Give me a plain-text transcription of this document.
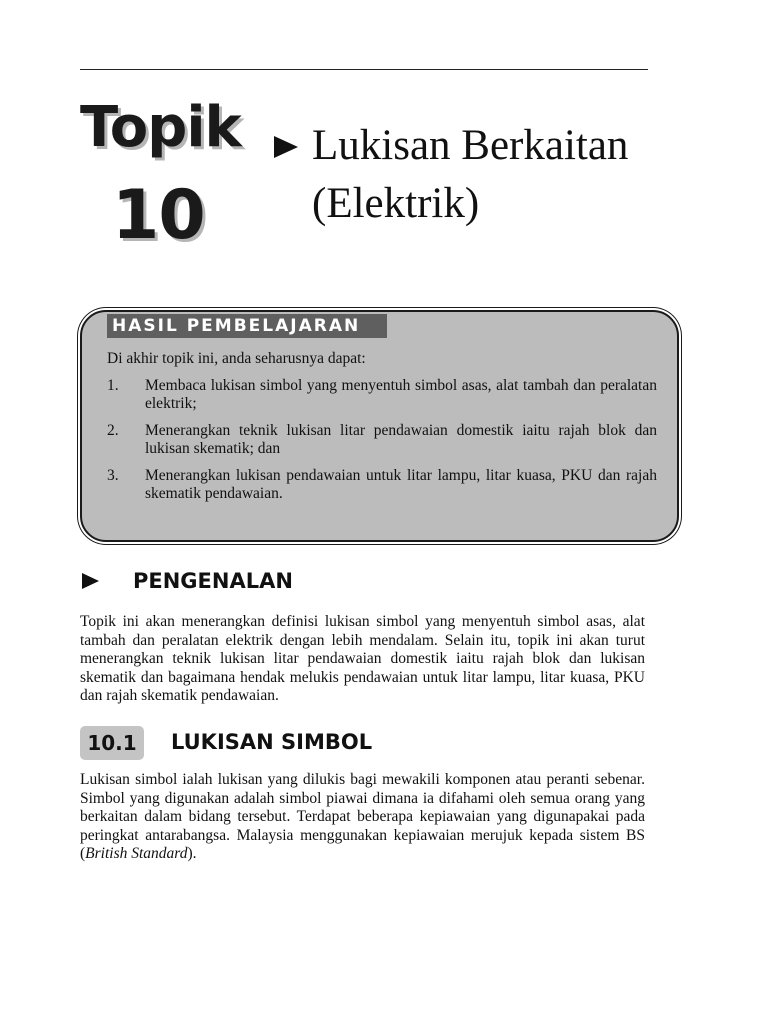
Topik
10
Lukisan Berkaitan
(Elektrik)
HASIL PEMBELAJARAN
Di akhir topik ini, anda seharusnya dapat:
1.	Membaca lukisan simbol yang menyentuh simbol asas, alat tambah dan peralatan elektrik;
2.	Menerangkan teknik lukisan litar pendawaian domestik iaitu rajah blok dan lukisan skematik; dan
3.	Menerangkan lukisan pendawaian untuk litar lampu, litar kuasa, PKU dan rajah skematik pendawaian.
PENGENALAN

Topik ini akan menerangkan definisi lukisan simbol yang menyentuh simbol asas, alat tambah dan peralatan elektrik dengan lebih mendalam. Selain itu, topik ini akan turut menerangkan teknik lukisan litar pendawaian domestik iaitu rajah blok dan lukisan skematik dan bagaimana hendak melukis pendawaian untuk litar lampu, litar kuasa, PKU dan rajah skematik pendawaian.

10.1	LUKISAN SIMBOL

Lukisan simbol ialah lukisan yang dilukis bagi mewakili komponen atau peranti sebenar. Simbol yang digunakan adalah simbol piawai dimana ia difahami oleh semua orang yang berkaitan dalam bidang tersebut. Terdapat beberapa kepiawaian yang digunapakai pada peringkat antarabangsa. Malaysia menggunakan kepiawaian merujuk kepada sistem BS (British Standard).
